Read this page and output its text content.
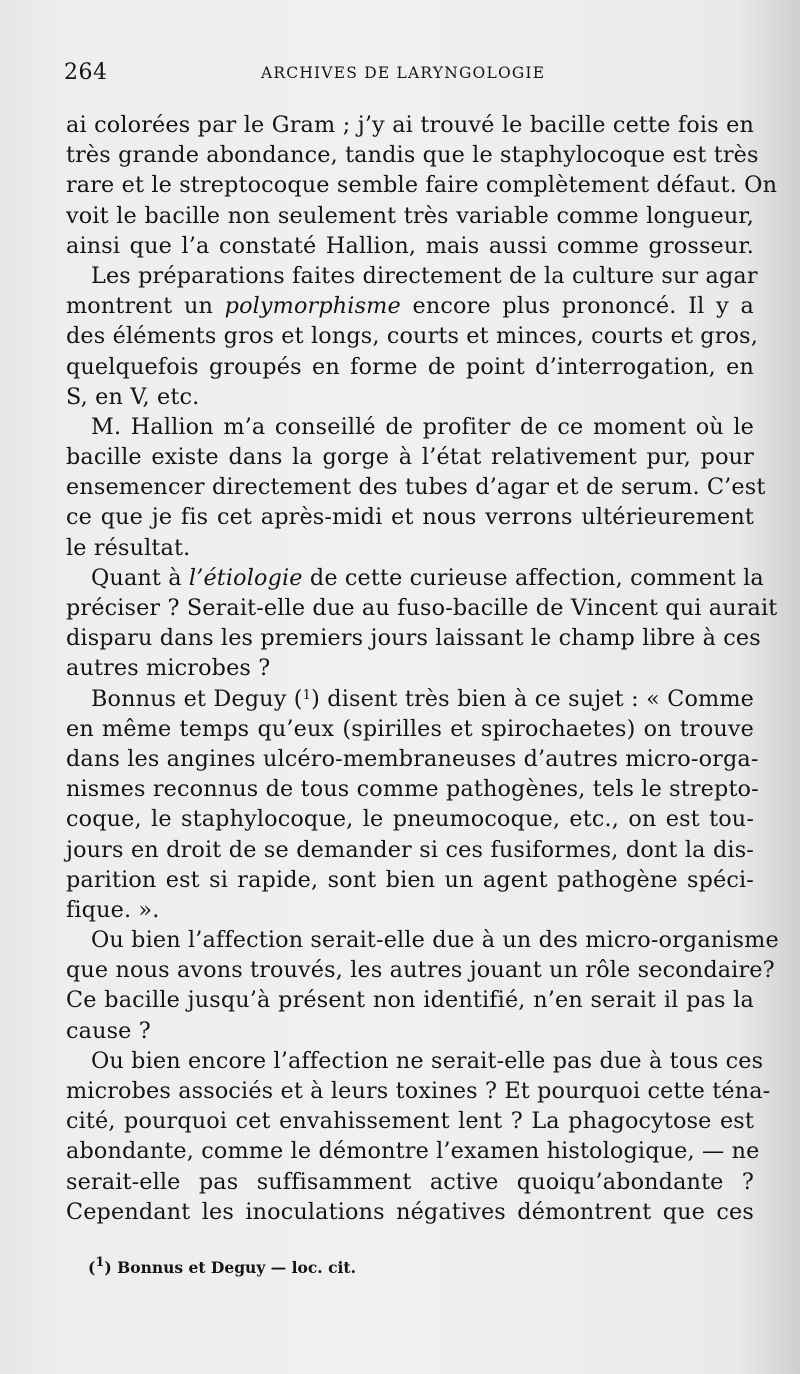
264	ARCHIVES DE LARYNGOLOGIE
ai colorées par le Gram ; j’y ai trouvé le bacille cette fois en
très grande abondance, tandis que le staphylocoque est très
rare et le streptocoque semble faire complètement défaut. On
voit le bacille non seulement très variable comme longueur,
ainsi que l’a constaté Hallion, mais aussi comme grosseur.
Les préparations faites directement de la culture sur agar
montrent un polymorphisme encore plus prononcé. Il y a
des éléments gros et longs, courts et minces, courts et gros,
quelquefois groupés en forme de point d’interrogation, en
S, en V, etc.
M. Hallion m’a conseillé de profiter de ce moment où le
bacille existe dans la gorge à l’état relativement pur, pour
ensemencer directement des tubes d’agar et de serum. C’est
ce que je fis cet après-midi et nous verrons ultérieurement
le résultat.
Quant à l’étiologie de cette curieuse affection, comment la
préciser ? Serait-elle due au fuso-bacille de Vincent qui aurait
disparu dans les premiers jours laissant le champ libre à ces
autres microbes ?
Bonnus et Deguy ($^1$) disent très bien à ce sujet : « Comme
en même temps qu’eux (spirilles et spirochaetes) on trouve
dans les angines ulcéro-membraneuses d’autres micro-orga-
nismes reconnus de tous comme pathogènes, tels le strepto-
coque, le staphylocoque, le pneumocoque, etc., on est tou-
jours en droit de se demander si ces fusiformes, dont la dis-
parition est si rapide, sont bien un agent pathogène spéci-
fique. ».
Ou bien l’affection serait-elle due à un des micro-organisme
que nous avons trouvés, les autres jouant un rôle secondaire?
Ce bacille jusqu’à présent non identifié, n’en serait il pas la
cause ?
Ou bien encore l’affection ne serait-elle pas due à tous ces
microbes associés et à leurs toxines ? Et pourquoi cette téna-
cité, pourquoi cet envahissement lent ? La phagocytose est
abondante, comme le démontre l’examen histologique, — ne
serait-elle pas suffisamment active quoiqu’abondante ?
Cependant les inoculations négatives démontrent que ces
($^1$) Bonnus et Deguy — loc. cit.
